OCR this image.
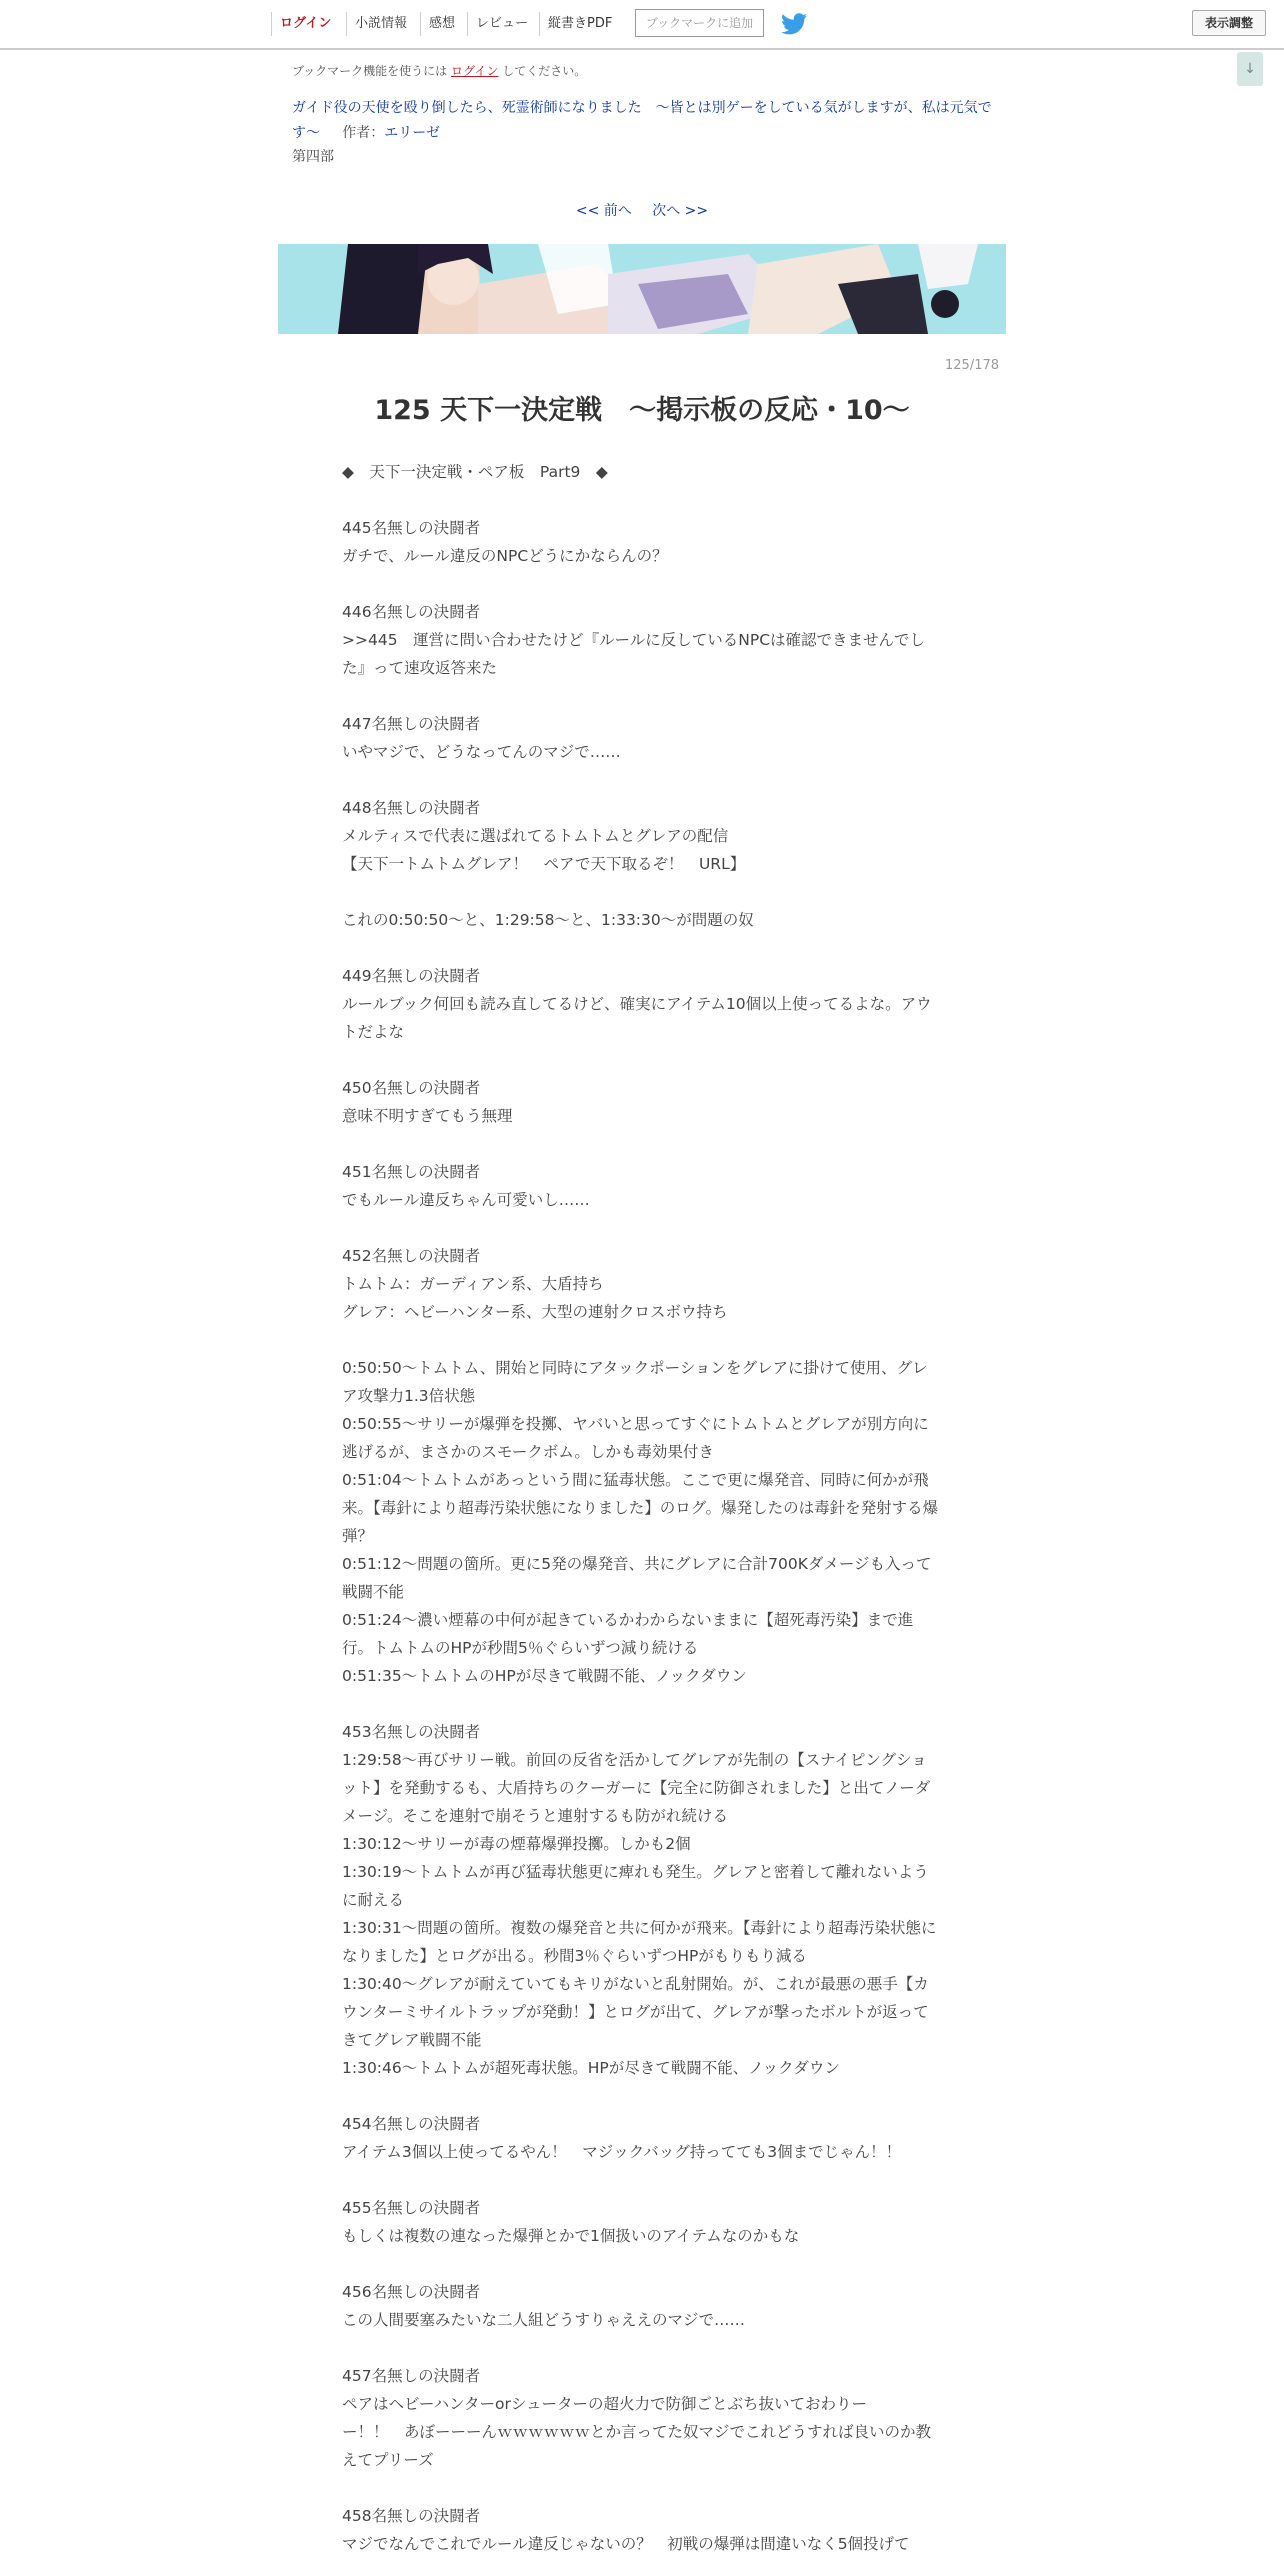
ログイン	小説情報	感想	レビュー	縦書きPDF	ブックマークに追加	表示調整
↓
ブックマーク機能を使うには ログイン してください。
ガイド役の天使を殴り倒したら、死霊術師になりました　～皆とは別ゲーをしている気がしますが、私は元気です～ 作者：エリーゼ
第四部
<< 前へ 次へ >>
125/178
125 天下一決定戦　～掲示板の反応・10～

◆　天下一決定戦・ペア板　Part9　◆

445名無しの決闘者

ガチで、ルール違反のNPCどうにかならんの？

446名無しの決闘者

>>445　運営に問い合わせたけど『ルールに反しているNPCは確認できませんでした』って速攻返答来た

447名無しの決闘者

いやマジで、どうなってんのマジで……

448名無しの決闘者

メルティスで代表に選ばれてるトムトムとグレアの配信

【天下一トムトムグレア！　ペアで天下取るぞ！　URL】

これの0:50:50～と、1:29:58～と、1:33:30～が問題の奴

449名無しの決闘者

ルールブック何回も読み直してるけど、確実にアイテム10個以上使ってるよな。アウトだよな

450名無しの決闘者

意味不明すぎてもう無理

451名無しの決闘者

でもルール違反ちゃん可愛いし……

452名無しの決闘者

トムトム：ガーディアン系、大盾持ち

グレア：ヘビーハンター系、大型の連射クロスボウ持ち

0:50:50～トムトム、開始と同時にアタックポーションをグレアに掛けて使用、グレア攻撃力1.3倍状態

0:50:55～サリーが爆弾を投擲、ヤバいと思ってすぐにトムトムとグレアが別方向に逃げるが、まさかのスモークボム。しかも毒効果付き

0:51:04～トムトムがあっという間に猛毒状態。ここで更に爆発音、同時に何かが飛来。【毒針により超毒汚染状態になりました】のログ。爆発したのは毒針を発射する爆弾？

0:51:12～問題の箇所。更に5発の爆発音、共にグレアに合計700Kダメージも入って戦闘不能

0:51:24～濃い煙幕の中何が起きているかわからないままに【超死毒汚染】まで進行。トムトムのHPが秒間5％ぐらいずつ減り続ける

0:51:35～トムトムのHPが尽きて戦闘不能、ノックダウン

453名無しの決闘者

1:29:58～再びサリー戦。前回の反省を活かしてグレアが先制の【スナイピングショット】を発動するも、大盾持ちのクーガーに【完全に防御されました】と出てノーダメージ。そこを連射で崩そうと連射するも防がれ続ける

1:30:12～サリーが毒の煙幕爆弾投擲。しかも2個

1:30:19～トムトムが再び猛毒状態更に痺れも発生。グレアと密着して離れないように耐える

1:30:31～問題の箇所。複数の爆発音と共に何かが飛来。【毒針により超毒汚染状態になりました】とログが出る。秒間3％ぐらいずつHPがもりもり減る

1:30:40～グレアが耐えていてもキリがないと乱射開始。が、これが最悪の悪手【カウンターミサイルトラップが発動！】とログが出て、グレアが撃ったボルトが返ってきてグレア戦闘不能

1:30:46～トムトムが超死毒状態。HPが尽きて戦闘不能、ノックダウン

454名無しの決闘者

アイテム3個以上使ってるやん！　マジックバッグ持ってても3個までじゃん！！

455名無しの決闘者

もしくは複数の連なった爆弾とかで1個扱いのアイテムなのかもな

456名無しの決闘者

この人間要塞みたいな二人組どうすりゃええのマジで……

457名無しの決闘者

ペアはヘビーハンターorシューターの超火力で防御ごとぶち抜いておわりー
ー！！　あぼーーーんｗｗｗｗｗｗとか言ってた奴マジでこれどうすれば良いのか教えてプリーズ

458名無しの決闘者

マジでなんでこれでルール違反じゃないの？　初戦の爆弾は間違いなく5個投げて
